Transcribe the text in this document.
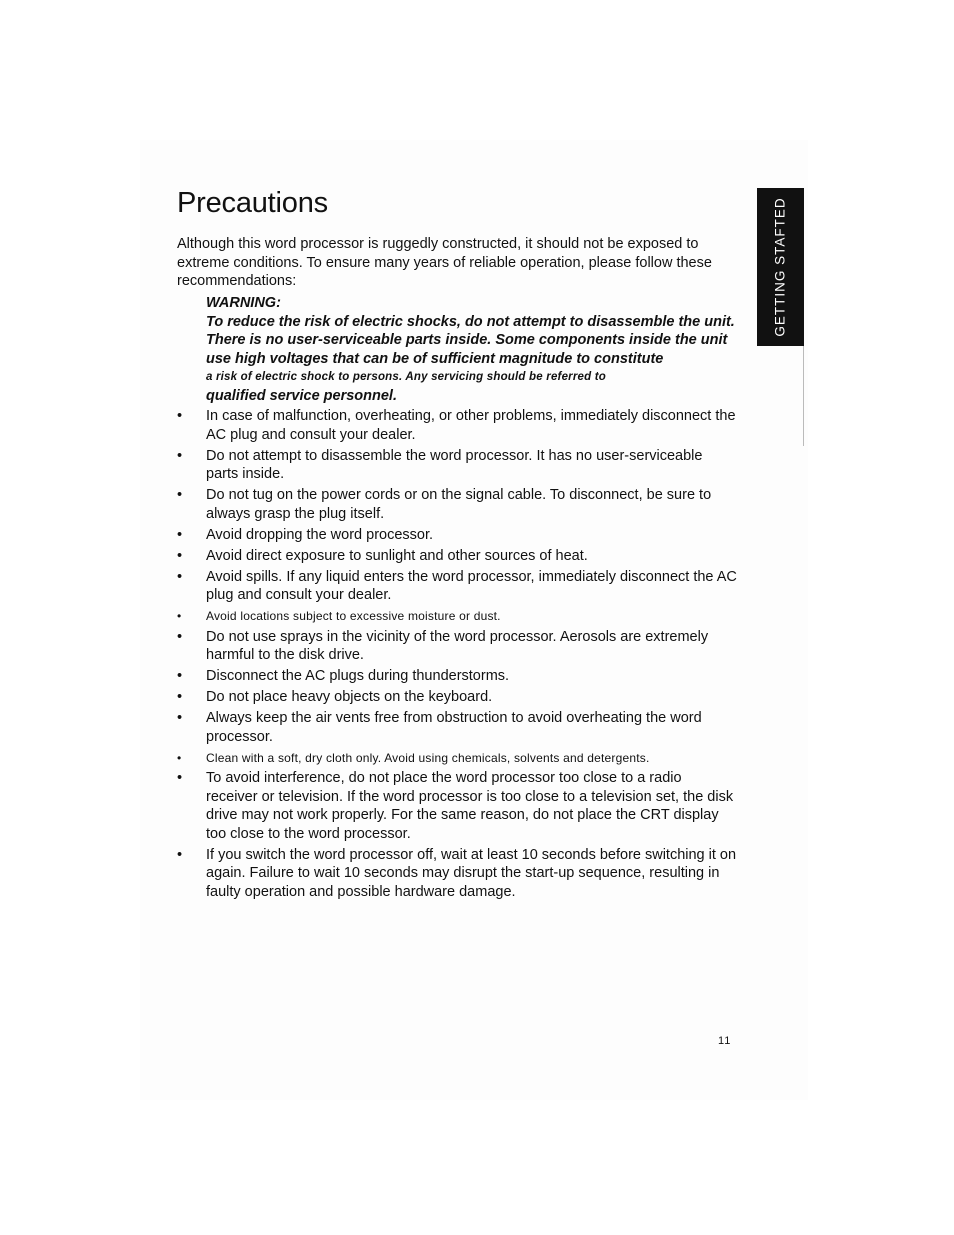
Precautions

Although this word processor is ruggedly constructed, it should not be exposed to extreme conditions. To ensure many years of reliable operation, please follow these recommendations:

WARNING:

To reduce the risk of electric shocks, do not attempt to disassemble the unit. There is no user-serviceable parts inside. Some components inside the unit use high voltages that can be of sufficient magnitude to constitute

a risk of electric shock to persons. Any servicing should be referred to

qualified service personnel.

•	In case of malfunction, overheating, or other problems, immediately disconnect the AC plug and consult your dealer.
•	Do not attempt to disassemble the word processor. It has no user-serviceable parts inside.
•	Do not tug on the power cords or on the signal cable. To disconnect, be sure to always grasp the plug itself.
•	Avoid dropping the word processor.
•	Avoid direct exposure to sunlight and other sources of heat.
•	Avoid spills. If any liquid enters the word processor, immediately disconnect the AC plug and consult your dealer.
•	Avoid locations subject to excessive moisture or dust.
•	Do not use sprays in the vicinity of the word processor. Aerosols are extremely harmful to the disk drive.
•	Disconnect the AC plugs during thunderstorms.
•	Do not place heavy objects on the keyboard.
•	Always keep the air vents free from obstruction to avoid overheating the word processor.
•	Clean with a soft, dry cloth only. Avoid using chemicals, solvents and detergents.
•	To avoid interference, do not place the word processor too close to a radio receiver or television. If the word processor is too close to a television set, the disk drive may not work properly. For the same reason, do not place the CRT display too close to the word processor.
•	If you switch the word processor off, wait at least 10 seconds before switching it on again. Failure to wait 10 seconds may disrupt the start-up sequence, resulting in faulty operation and possible hardware damage.
GETTING STAFTED
11
